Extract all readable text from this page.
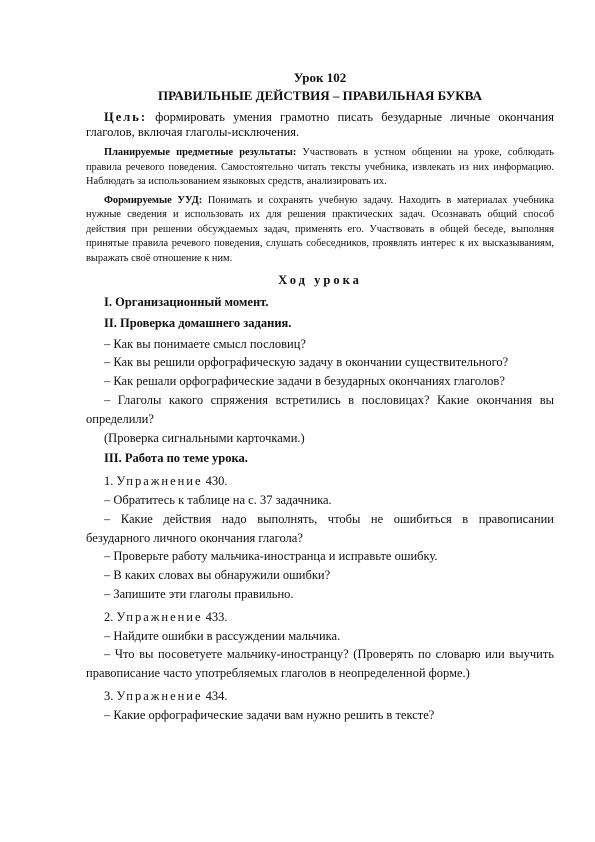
Урок 102

ПРАВИЛЬНЫЕ ДЕЙСТВИЯ – ПРАВИЛЬНАЯ БУКВА

Цель: формировать умения грамотно писать безударные личные окончания глаголов, включая глаголы-исключения.

Планируемые предметные результаты: Участвовать в устном общении на уроке, соблюдать правила речевого поведения. Самостоятельно читать тексты учебника, извлекать из них информацию. Наблюдать за использованием языковых средств, анализировать их.

Формируемые УУД: Понимать и сохранять учебную задачу. Находить в материалах учебника нужные сведения и использовать их для решения практических задач. Осознавать общий способ действия при решении обсуждаемых задач, применять его. Участвовать в общей беседе, выполняя принятые правила речевого поведения, слушать собеседников, проявлять интерес к их высказываниям, выражать своё отношение к ним.

Ход урока

I. Организационный момент.

II. Проверка домашнего задания.

– Как вы понимаете смысл пословиц?

– Как вы решили орфографическую задачу в окончании существительного?

– Как решали орфографические задачи в безударных окончаниях глаголов?

– Глаголы какого спряжения встретились в пословицах? Какие окончания вы определили?

(Проверка сигнальными карточками.)

III. Работа по теме урока.

1. Упражнение 430.

– Обратитесь к таблице на с. 37 задачника.

– Какие действия надо выполнять, чтобы не ошибиться в правописании безударного личного окончания глагола?

– Проверьте работу мальчика-иностранца и исправьте ошибку.

– В каких словах вы обнаружили ошибки?

– Запишите эти глаголы правильно.

2. Упражнение 433.

– Найдите ошибки в рассуждении мальчика.

– Что вы посоветуете мальчику-иностранцу? (Проверять по словарю или выучить правописание часто употребляемых глаголов в неопределенной форме.)

3. Упражнение 434.

– Какие орфографические задачи вам нужно решить в тексте?
